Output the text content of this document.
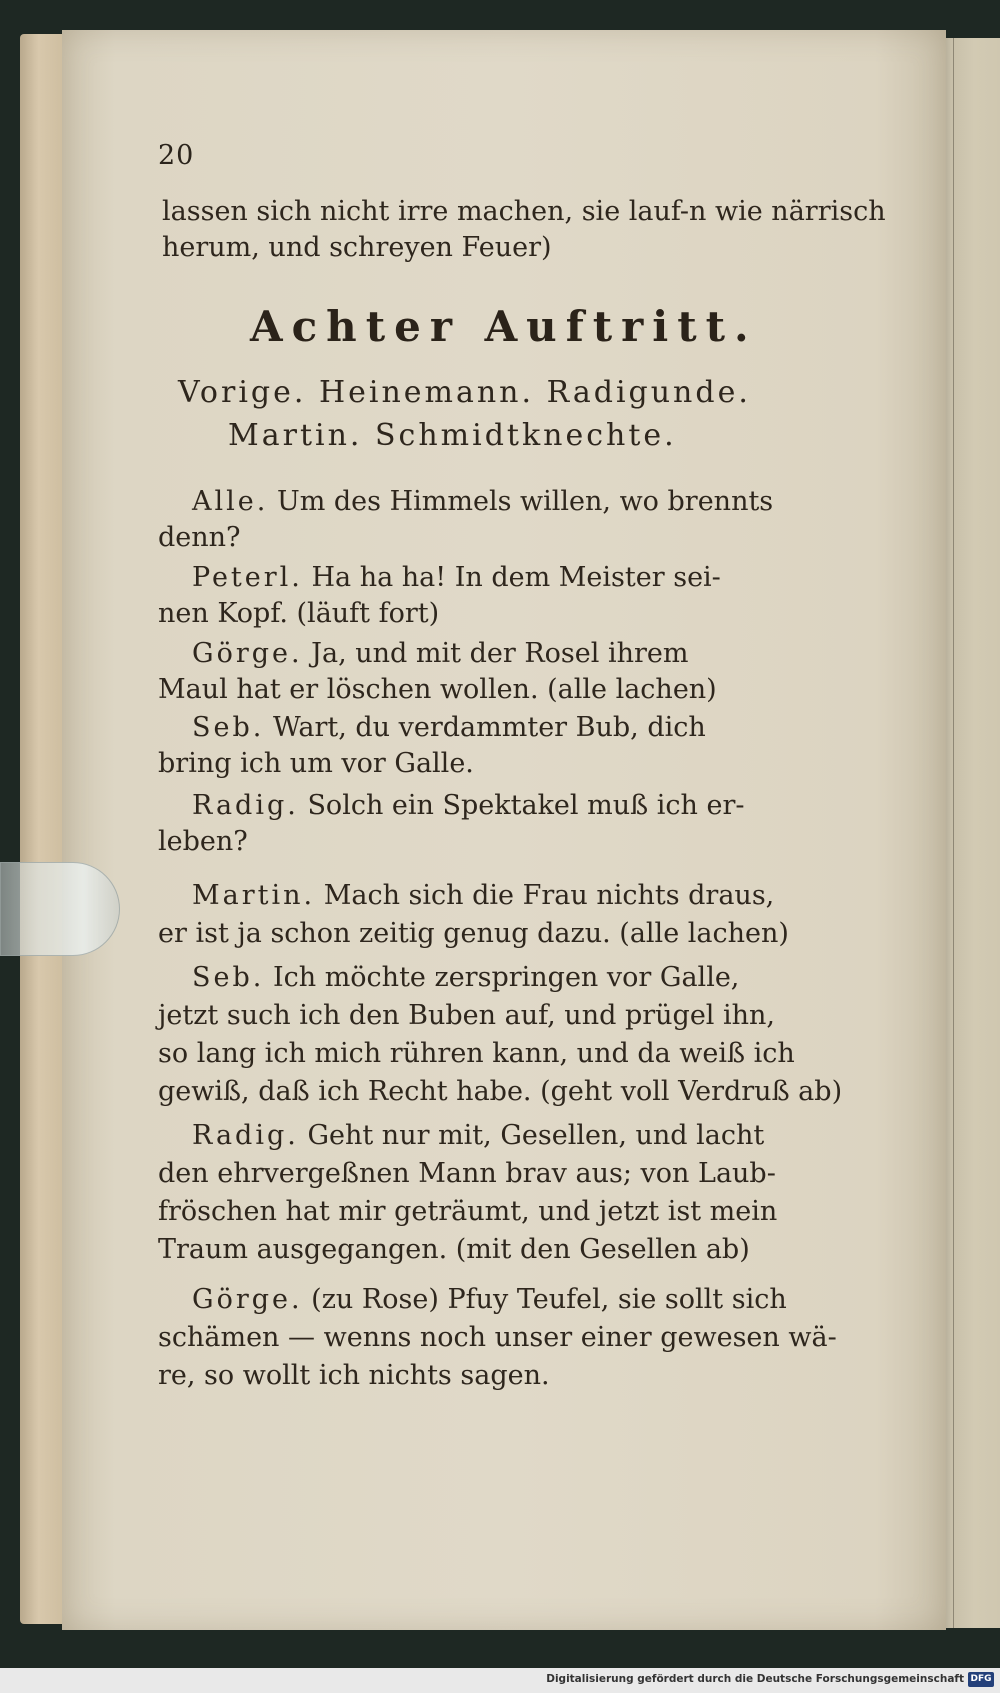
20
lassen sich nicht irre machen, sie lauf-n wie närrisch
herum, und schreyen Feuer)
Achter Auftritt.
Vorige. Heinemann. Radigunde.
Martin. Schmidtknechte.
Alle. Um des Himmels willen, wo brennts
denn?
Peterl. Ha ha ha! In dem Meister sei-
nen Kopf. (läuft fort)
Görge. Ja, und mit der Rosel ihrem
Maul hat er löschen wollen. (alle lachen)
Seb. Wart, du verdammter Bub, dich
bring ich um vor Galle.
Radig. Solch ein Spektakel muß ich er-
leben?
Martin. Mach sich die Frau nichts draus,
er ist ja schon zeitig genug dazu. (alle lachen)
Seb. Ich möchte zerspringen vor Galle,
jetzt such ich den Buben auf, und prügel ihn,
so lang ich mich rühren kann, und da weiß ich
gewiß, daß ich Recht habe. (geht voll Verdruß ab)
Radig. Geht nur mit, Gesellen, und lacht
den ehrvergeßnen Mann brav aus; von Laub-
fröschen hat mir geträumt, und jetzt ist mein
Traum ausgegangen. (mit den Gesellen ab)
Görge. (zu Rose) Pfuy Teufel, sie sollt sich
schämen — wenns noch unser einer gewesen wä-
re, so wollt ich nichts sagen.
Digitalisierung gefördert durch die Deutsche Forschungsgemeinschaft DFG
